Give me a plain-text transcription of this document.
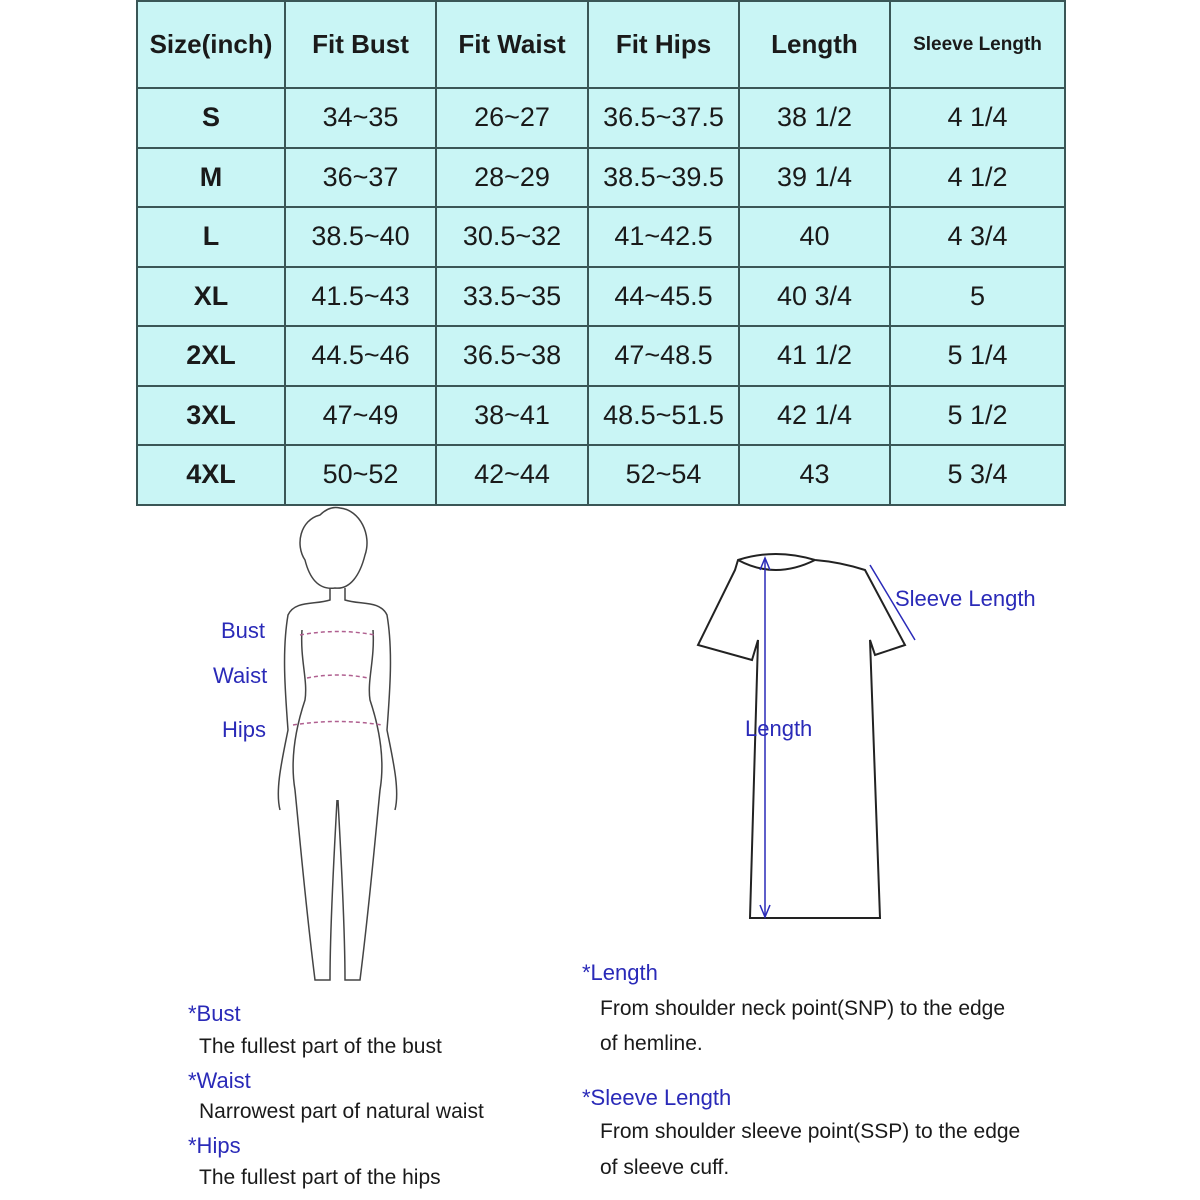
Size(inch)	Fit Bust	Fit Waist	Fit Hips	Length	Sleeve Length
S	34~35	26~27	36.5~37.5	38 1/2	4 1/4
M	36~37	28~29	38.5~39.5	39 1/4	4 1/2
L	38.5~40	30.5~32	41~42.5	40	4 3/4
XL	41.5~43	33.5~35	44~45.5	40 3/4	5
2XL	44.5~46	36.5~38	47~48.5	41 1/2	5 1/4
3XL	47~49	38~41	48.5~51.5	42 1/4	5 1/2
4XL	50~52	42~44	52~54	43	5 3/4
Bust
Waist
Hips
Sleeve Length
Length
*Bust
The fullest part of the bust
*Waist
Narrowest part of natural waist
*Hips
The fullest part of the hips
*Length
From shoulder neck point(SNP) to the edge
of hemline.
*Sleeve Length
From shoulder sleeve point(SSP) to the edge
of sleeve cuff.
